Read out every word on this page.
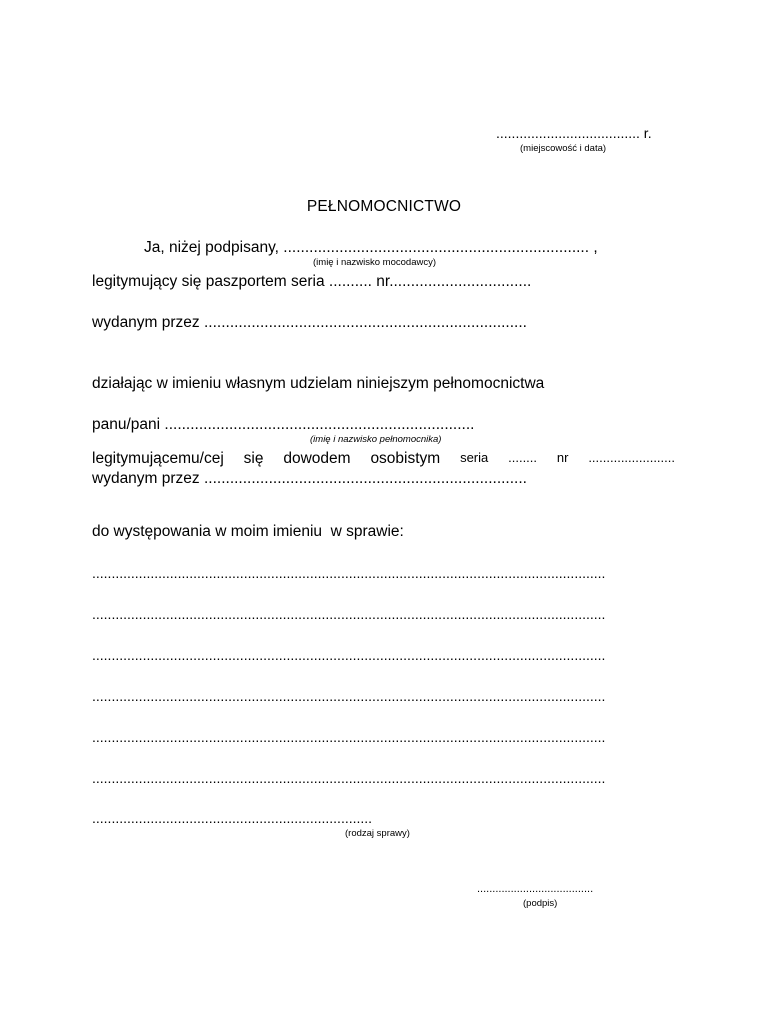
..................................... r.
(miejscowość i data)
PEŁNOMOCNICTWO
Ja, niżej podpisany, ....................................................................... ,
(imię i nazwisko mocodawcy)
legitymujący się paszportem seria .......... nr.................................
wydanym przez ...........................................................................
działając w imieniu własnym udzielam niniejszym pełnomocnictwa
panu/pani ........................................................................
(imię i nazwisko pełnomocnika)
legitymującemu/cej się dowodem osobistym seria ........ nr ........................
wydanym przez ...........................................................................
do występowania w moim imieniu  w sprawie:
....................................................................................................................................
....................................................................................................................................
....................................................................................................................................
....................................................................................................................................
....................................................................................................................................
....................................................................................................................................
........................................................................
(rodzaj sprawy)
......................................
(podpis)
